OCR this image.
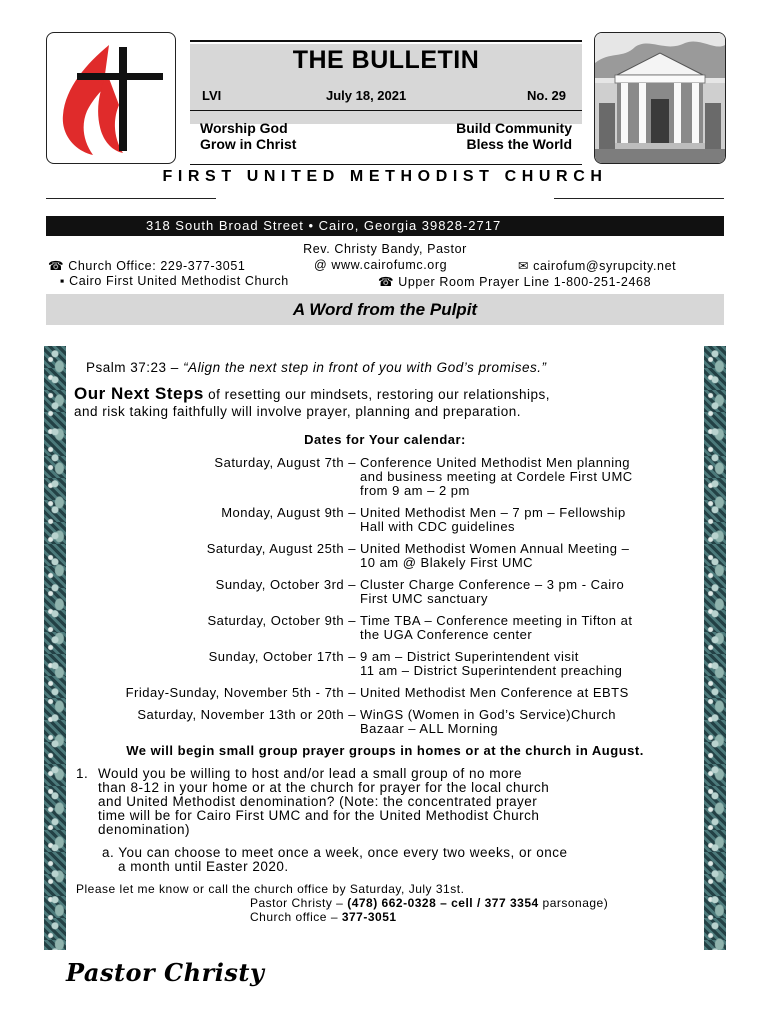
THE BULLETIN
LVI	July 18, 2021	No. 29
Worship God
Grow in Christ
Build Community
Bless the World
FIRST UNITED METHODIST CHURCH
318 South Broad Street • Cairo, Georgia 39828-2717
Rev. Christy Bandy, Pastor
☎ Church Office: 229-377-3051	@ www.cairofumc.org	✉ cairofum@syrupcity.net
▪ Cairo First United Methodist Church	☎ Upper Room Prayer Line 1-800-251-2468
A Word from the Pulpit
Psalm 37:23 – “Align the next step in front of you with God’s promises.”
Our Next Steps of resetting our mindsets, restoring our relationships,
and risk taking faithfully will involve prayer, planning and preparation.
Dates for Your calendar:
Saturday, August 7th – Conference United Methodist Men planning
and business meeting at Cordele First UMC
from 9 am – 2 pm
Monday, August 9th – United Methodist Men – 7 pm – Fellowship
Hall with CDC guidelines
Saturday, August 25th – United Methodist Women Annual Meeting –
10 am @ Blakely First UMC
Sunday, October 3rd – Cluster Charge Conference – 3 pm - Cairo
First UMC sanctuary
Saturday, October 9th – Time TBA – Conference meeting in Tifton at
the UGA Conference center
Sunday, October 17th – 9 am – District Superintendent visit
11 am – District Superintendent preaching
Friday-Sunday, November 5th - 7th – United Methodist Men Conference at EBTS
Saturday, November 13th or 20th – WinGS (Women in God’s Service)Church
Bazaar – ALL Morning
We will begin small group prayer groups in homes or at the church in August.
1. Would you be willing to host and/or lead a small group of no more
than 8-12 in your home or at the church for prayer for the local church
and United Methodist denomination? (Note: the concentrated prayer
time will be for Cairo First UMC and for the United Methodist Church
denomination)
a. You can choose to meet once a week, once every two weeks, or once
a month until Easter 2020.
Please let me know or call the church office by Saturday, July 31st.
Pastor Christy – (478) 662-0328 – cell / 377 3354 parsonage)
Church office – 377-3051
Pastor Christy
